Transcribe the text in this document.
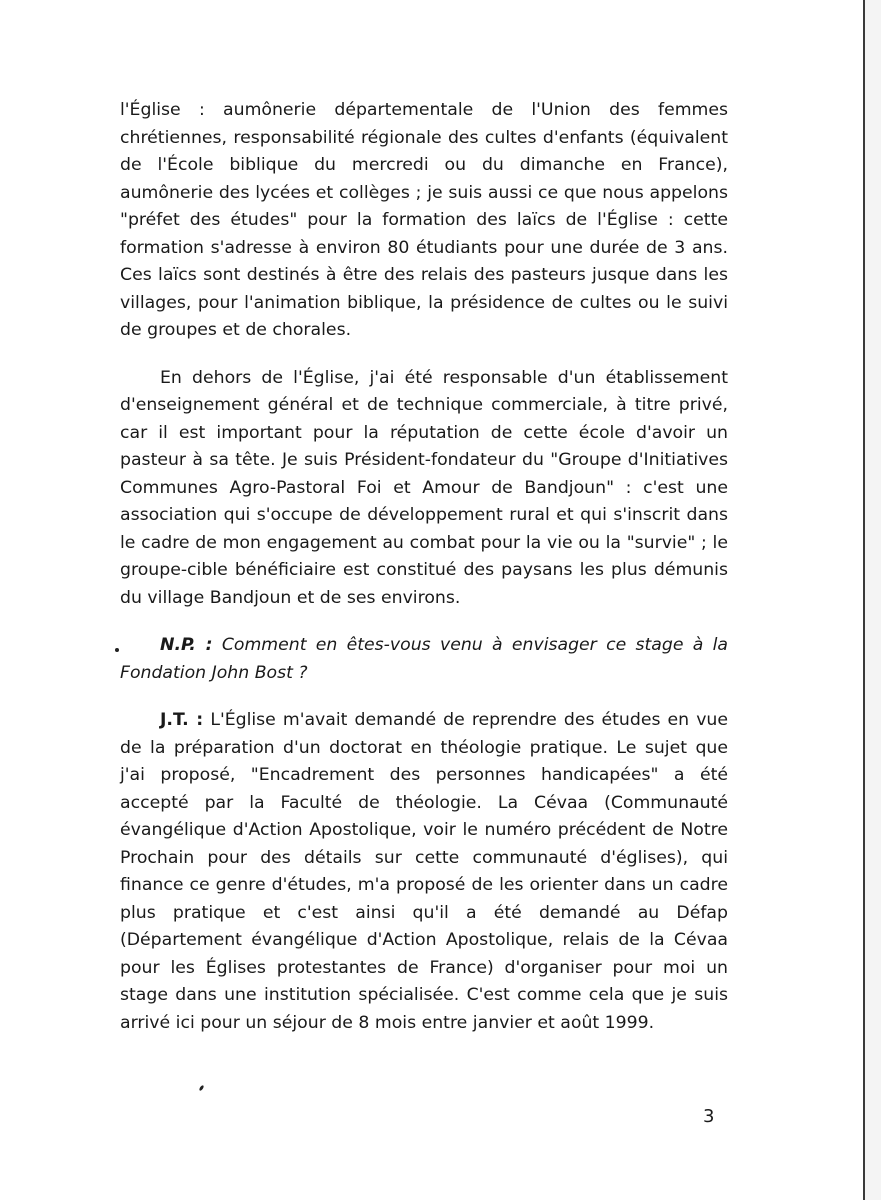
l'Église : aumônerie départementale de l'Union des femmes chrétiennes, responsabilité régionale des cultes d'enfants (équivalent de l'École biblique du mercredi ou du dimanche en France), aumônerie des lycées et collèges ; je suis aussi ce que nous appelons "préfet des études" pour la formation des laïcs de l'Église : cette formation s'adresse à environ 80 étudiants pour une durée de 3 ans. Ces laïcs sont destinés à être des relais des pasteurs jusque dans les villages, pour l'animation biblique, la présidence de cultes ou le suivi de groupes et de chorales.

En dehors de l'Église, j'ai été responsable d'un établissement d'enseignement général et de technique commerciale, à titre privé, car il est important pour la réputation de cette école d'avoir un pasteur à sa tête. Je suis Président-fondateur du "Groupe d'Initiatives Communes Agro-Pastoral Foi et Amour de Bandjoun" : c'est une association qui s'occupe de développement rural et qui s'inscrit dans le cadre de mon engagement au combat pour la vie ou la "survie" ; le groupe-cible bénéficiaire est constitué des paysans les plus démunis du village Bandjoun et de ses environs.

N.P. : Comment en êtes-vous venu à envisager ce stage à la Fondation John Bost ?

J.T. : L'Église m'avait demandé de reprendre des études en vue de la préparation d'un doctorat en théologie pratique. Le sujet que j'ai proposé, "Encadrement des personnes handicapées" a été accepté par la Faculté de théologie. La Cévaa (Communauté évangélique d'Action Apostolique, voir le numéro précédent de Notre Prochain pour des détails sur cette communauté d'églises), qui finance ce genre d'études, m'a proposé de les orienter dans un cadre plus pratique et c'est ainsi qu'il a été demandé au Défap (Département évangélique d'Action Apostolique, relais de la Cévaa pour les Églises protestantes de France) d'organiser pour moi un stage dans une institution spécialisée. C'est comme cela que je suis arrivé ici pour un séjour de 8 mois entre janvier et août 1999.

3
